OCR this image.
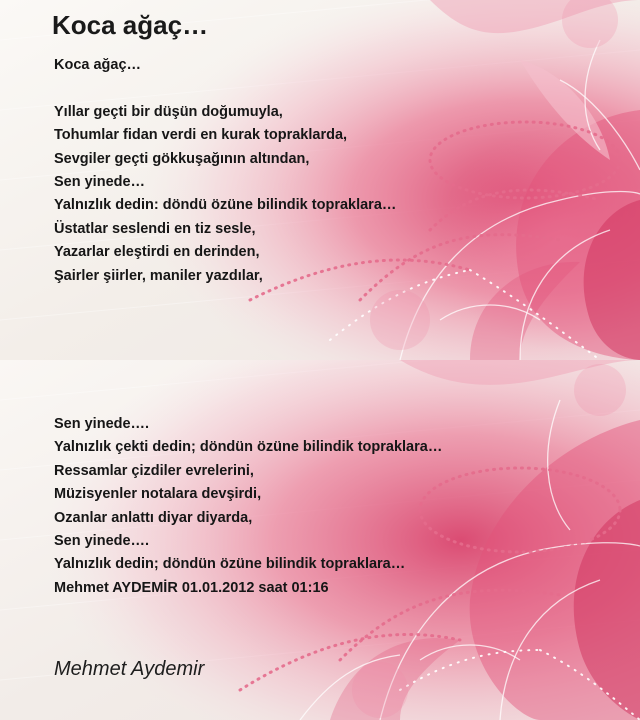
Koca ağaç…
Koca ağaç…
Yıllar geçti bir düşün doğumuyla,
Tohumlar fidan verdi en kurak topraklarda,
Sevgiler geçti gökkuşağının altından,
Sen yinede…
Yalnızlık dedin: döndü özüne bilindik topraklara…
Üstatlar seslendi en tiz sesle,
Yazarlar eleştirdi en derinden,
Şairler şiirler, maniler yazdılar,
Sen yinede….
Yalnızlık çekti dedin; döndün özüne bilindik topraklara…
Ressamlar çizdiler evrelerini,
Müzisyenler notalara devşirdi,
Ozanlar anlattı diyar diyarda,
Sen yinede….
Yalnızlık dedin; döndün özüne bilindik topraklara…
Mehmet AYDEMİR 01.01.2012 saat 01:16

Mehmet Aydemir
